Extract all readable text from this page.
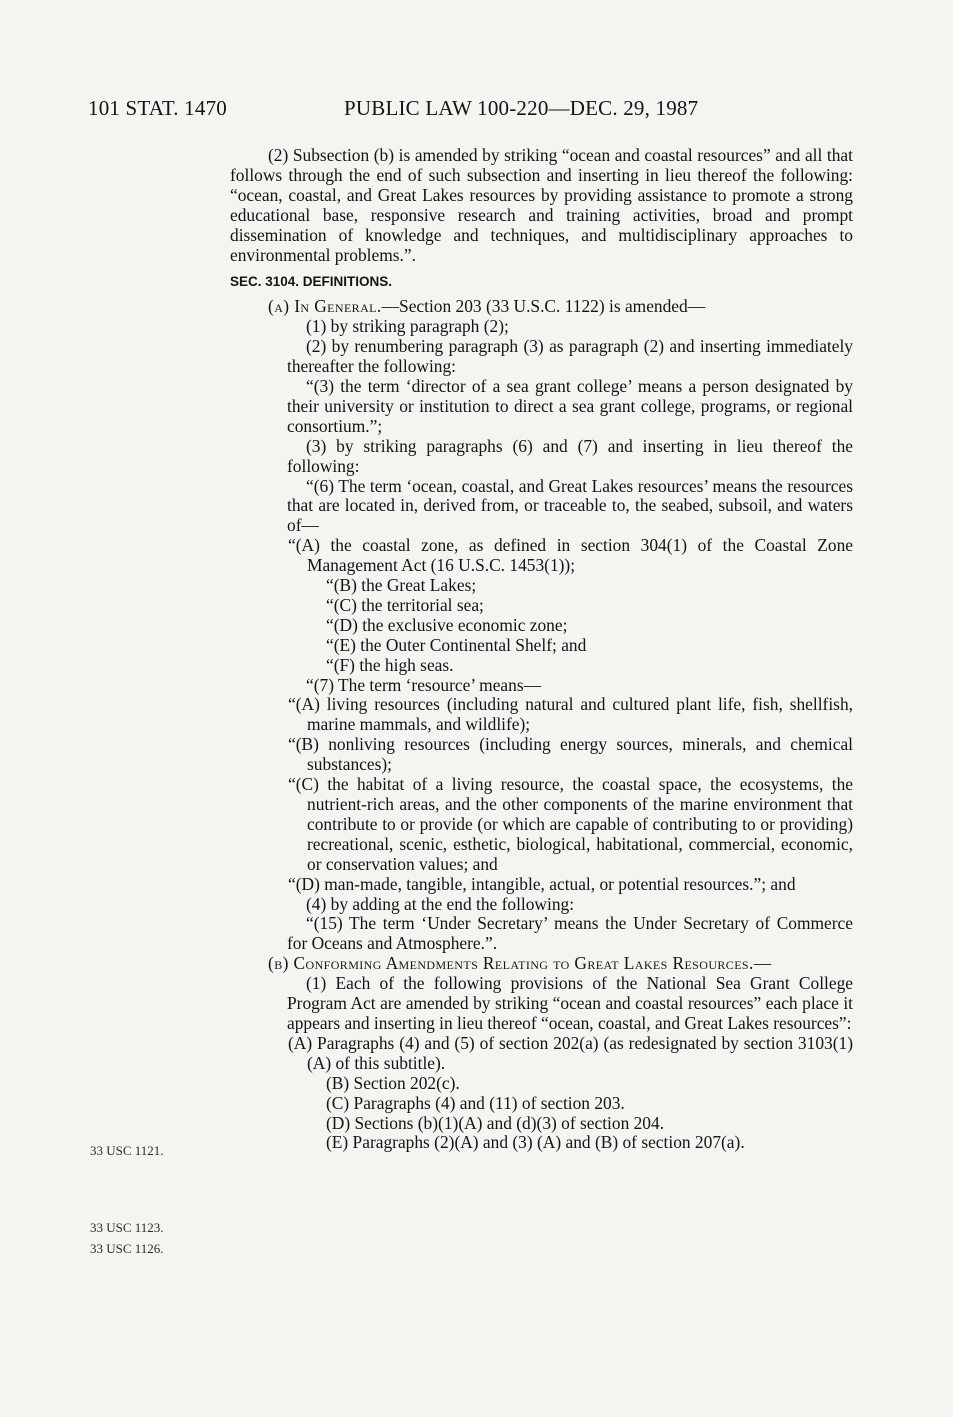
101 STAT. 1470	PUBLIC LAW 100-220—DEC. 29, 1987
33 USC 1121.
33 USC 1123.
33 USC 1126.

(2) Subsection (b) is amended by striking “ocean and coastal resources” and all that follows through the end of such subsection and inserting in lieu thereof the following: “ocean, coastal, and Great Lakes resources by providing assistance to promote a strong educational base, responsive research and training activities, broad and prompt dissemination of knowledge and techniques, and multidisciplinary approaches to environmental problems.”.

SEC. 3104. DEFINITIONS.

(a) In General.—Section 203 (33 U.S.C. 1122) is amended—

(1) by striking paragraph (2);

(2) by renumbering paragraph (3) as paragraph (2) and inserting immediately thereafter the following:

“(3) the term ‘director of a sea grant college’ means a person designated by their university or institution to direct a sea grant college, programs, or regional consortium.”;

(3) by striking paragraphs (6) and (7) and inserting in lieu thereof the following:

“(6) The term ‘ocean, coastal, and Great Lakes resources’ means the resources that are located in, derived from, or traceable to, the seabed, subsoil, and waters of—

“(A) the coastal zone, as defined in section 304(1) of the Coastal Zone Management Act (16 U.S.C. 1453(1));

“(B) the Great Lakes;

“(C) the territorial sea;

“(D) the exclusive economic zone;

“(E) the Outer Continental Shelf; and

“(F) the high seas.

“(7) The term ‘resource’ means—

“(A) living resources (including natural and cultured plant life, fish, shellfish, marine mammals, and wildlife);

“(B) nonliving resources (including energy sources, minerals, and chemical substances);

“(C) the habitat of a living resource, the coastal space, the ecosystems, the nutrient-rich areas, and the other components of the marine environment that contribute to or provide (or which are capable of contributing to or providing) recreational, scenic, esthetic, biological, habitational, commercial, economic, or conservation values; and

“(D) man-made, tangible, intangible, actual, or potential resources.”; and

(4) by adding at the end the following:

“(15) The term ‘Under Secretary’ means the Under Secretary of Commerce for Oceans and Atmosphere.”.

(b) Conforming Amendments Relating to Great Lakes Resources.—

(1) Each of the following provisions of the National Sea Grant College Program Act are amended by striking “ocean and coastal resources” each place it appears and inserting in lieu thereof “ocean, coastal, and Great Lakes resources”:

(A) Paragraphs (4) and (5) of section 202(a) (as redesignated by section 3103(1)(A) of this subtitle).

(B) Section 202(c).

(C) Paragraphs (4) and (11) of section 203.

(D) Sections (b)(1)(A) and (d)(3) of section 204.

(E) Paragraphs (2)(A) and (3) (A) and (B) of section 207(a).
